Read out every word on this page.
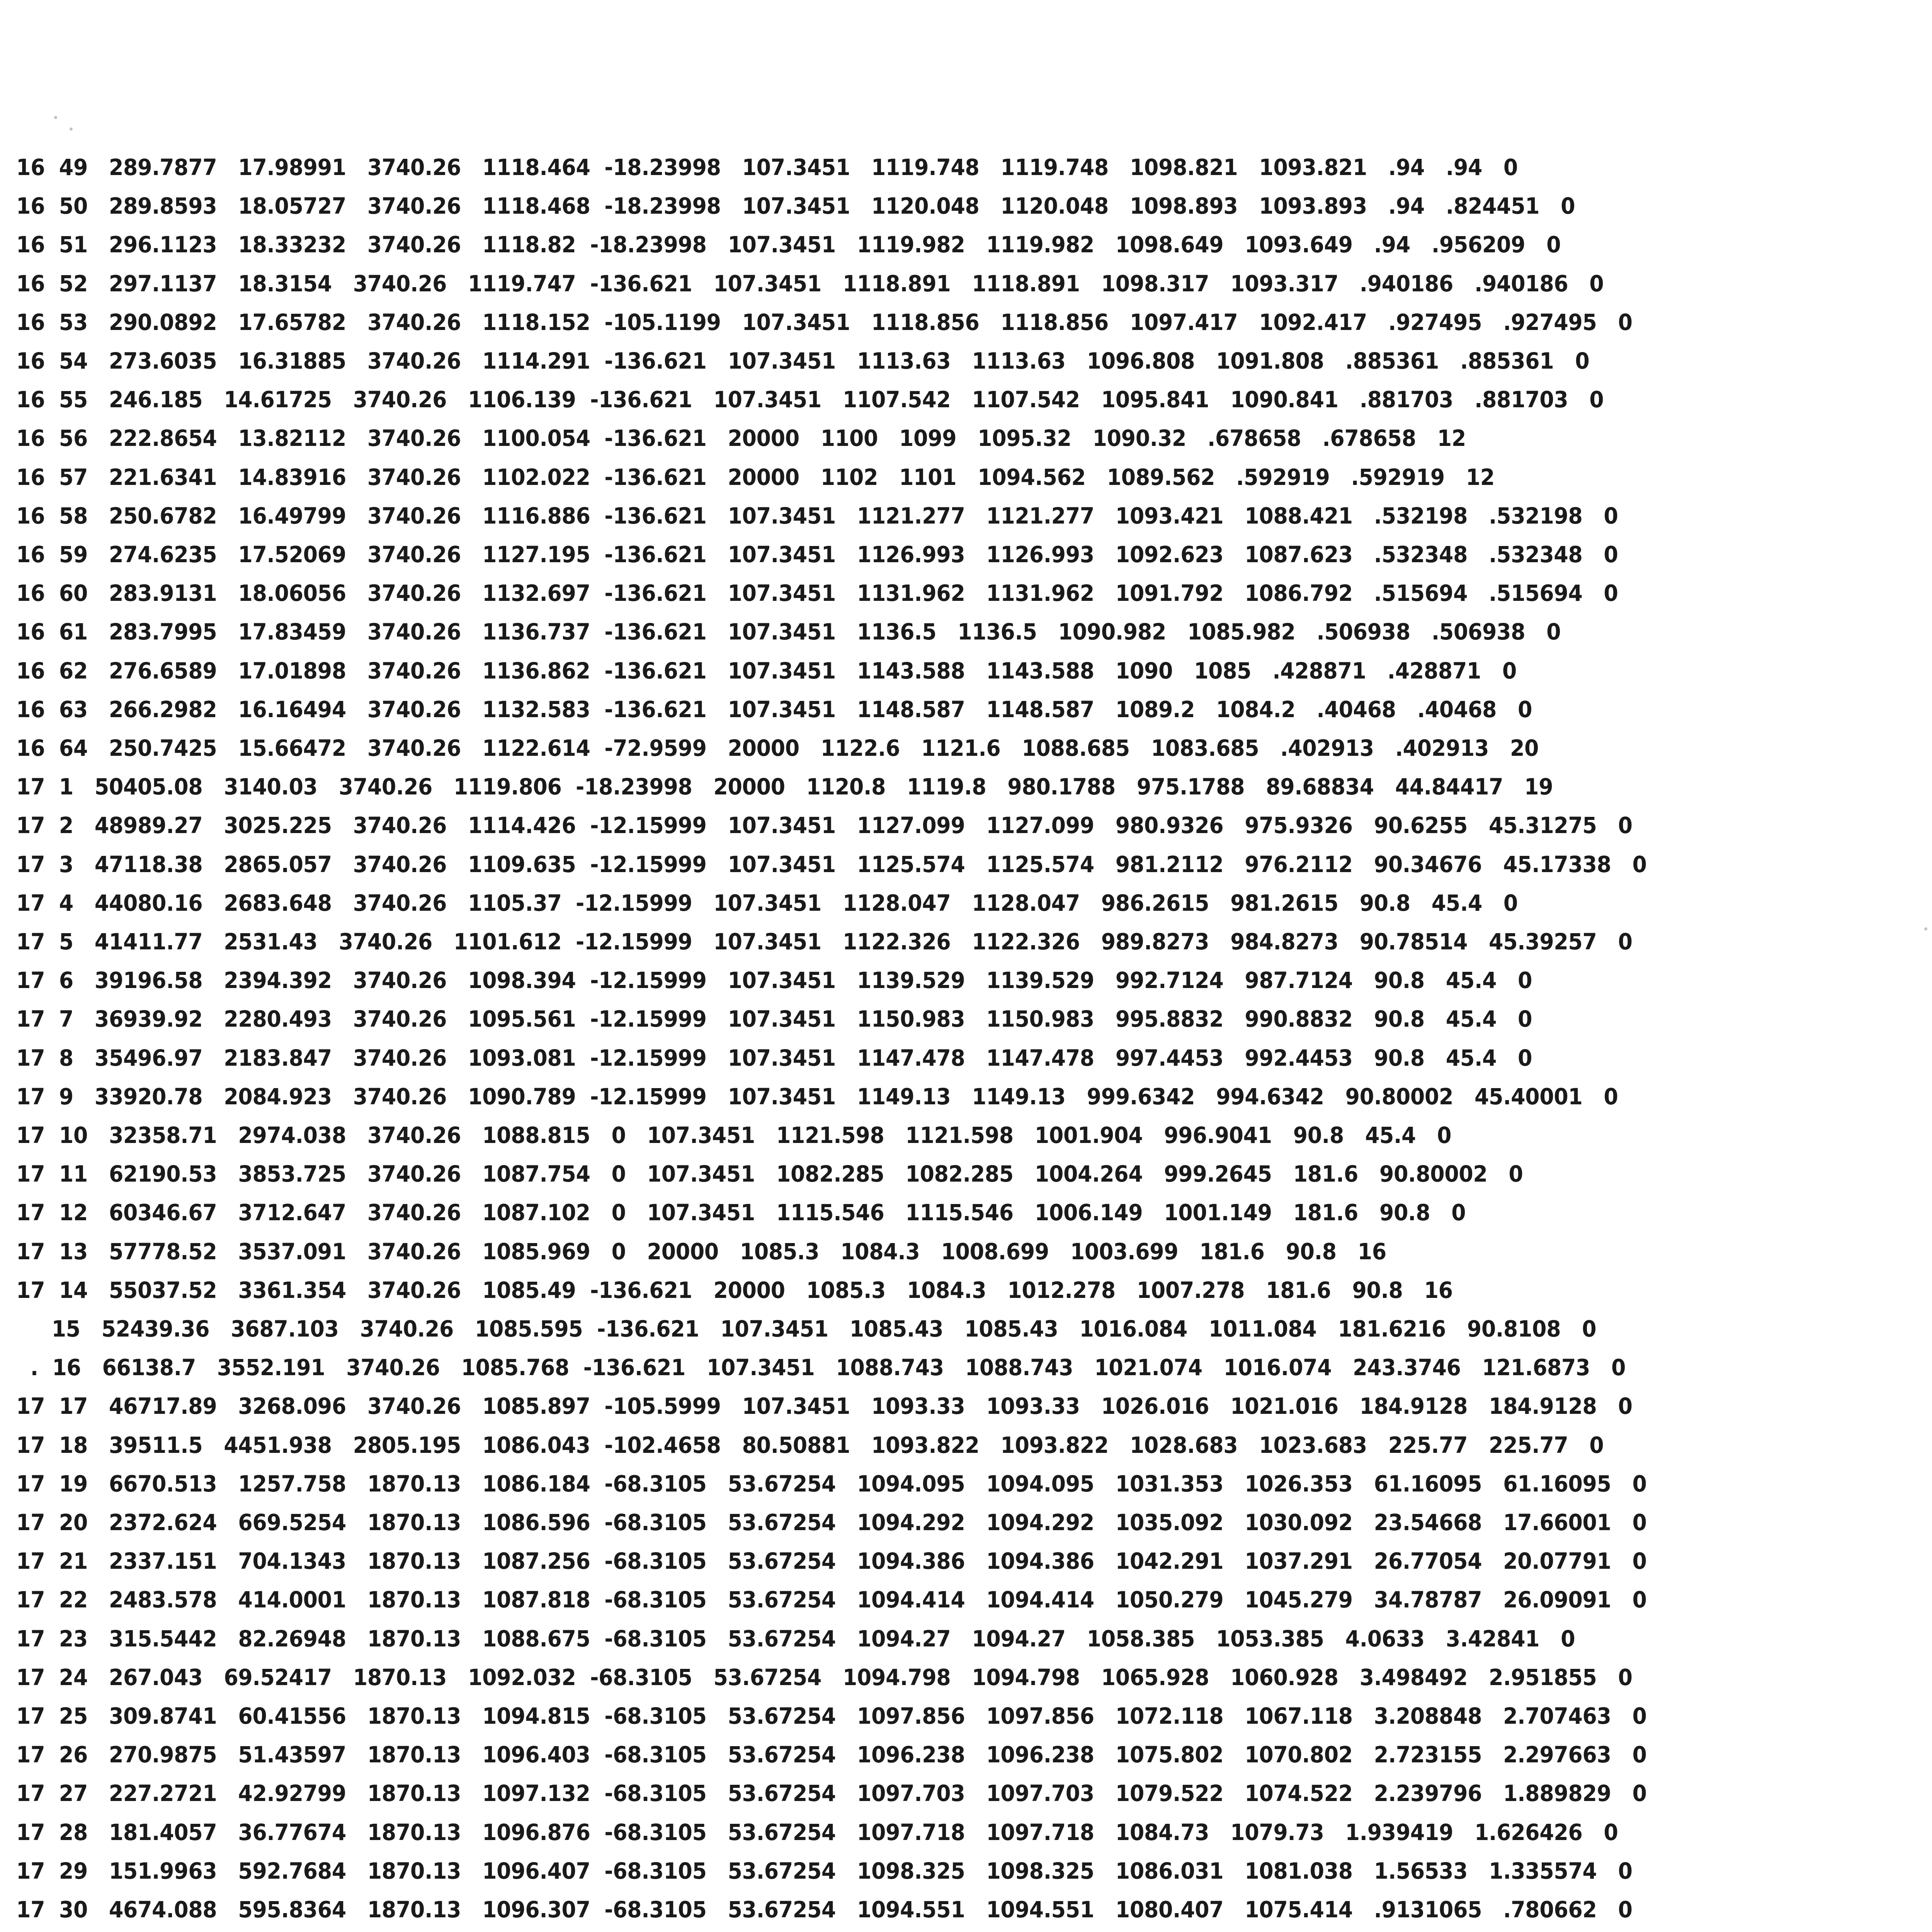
16  49   289.7877   17.98991   3740.26   1118.464  -18.23998   107.3451   1119.748   1119.748   1098.821   1093.821   .94   .94   0
16  50   289.8593   18.05727   3740.26   1118.468  -18.23998   107.3451   1120.048   1120.048   1098.893   1093.893   .94   .824451   0
16  51   296.1123   18.33232   3740.26   1118.82  -18.23998   107.3451   1119.982   1119.982   1098.649   1093.649   .94   .956209   0
16  52   297.1137   18.3154   3740.26   1119.747  -136.621   107.3451   1118.891   1118.891   1098.317   1093.317   .940186   .940186   0
16  53   290.0892   17.65782   3740.26   1118.152  -105.1199   107.3451   1118.856   1118.856   1097.417   1092.417   .927495   .927495   0
16  54   273.6035   16.31885   3740.26   1114.291  -136.621   107.3451   1113.63   1113.63   1096.808   1091.808   .885361   .885361   0
16  55   246.185   14.61725   3740.26   1106.139  -136.621   107.3451   1107.542   1107.542   1095.841   1090.841   .881703   .881703   0
16  56   222.8654   13.82112   3740.26   1100.054  -136.621   20000   1100   1099   1095.32   1090.32   .678658   .678658   12
16  57   221.6341   14.83916   3740.26   1102.022  -136.621   20000   1102   1101   1094.562   1089.562   .592919   .592919   12
16  58   250.6782   16.49799   3740.26   1116.886  -136.621   107.3451   1121.277   1121.277   1093.421   1088.421   .532198   .532198   0
16  59   274.6235   17.52069   3740.26   1127.195  -136.621   107.3451   1126.993   1126.993   1092.623   1087.623   .532348   .532348   0
16  60   283.9131   18.06056   3740.26   1132.697  -136.621   107.3451   1131.962   1131.962   1091.792   1086.792   .515694   .515694   0
16  61   283.7995   17.83459   3740.26   1136.737  -136.621   107.3451   1136.5   1136.5   1090.982   1085.982   .506938   .506938   0
16  62   276.6589   17.01898   3740.26   1136.862  -136.621   107.3451   1143.588   1143.588   1090   1085   .428871   .428871   0
16  63   266.2982   16.16494   3740.26   1132.583  -136.621   107.3451   1148.587   1148.587   1089.2   1084.2   .40468   .40468   0
16  64   250.7425   15.66472   3740.26   1122.614  -72.9599   20000   1122.6   1121.6   1088.685   1083.685   .402913   .402913   20
17  1   50405.08   3140.03   3740.26   1119.806  -18.23998   20000   1120.8   1119.8   980.1788   975.1788   89.68834   44.84417   19
17  2   48989.27   3025.225   3740.26   1114.426  -12.15999   107.3451   1127.099   1127.099   980.9326   975.9326   90.6255   45.31275   0
17  3   47118.38   2865.057   3740.26   1109.635  -12.15999   107.3451   1125.574   1125.574   981.2112   976.2112   90.34676   45.17338   0
17  4   44080.16   2683.648   3740.26   1105.37  -12.15999   107.3451   1128.047   1128.047   986.2615   981.2615   90.8   45.4   0
17  5   41411.77   2531.43   3740.26   1101.612  -12.15999   107.3451   1122.326   1122.326   989.8273   984.8273   90.78514   45.39257   0
17  6   39196.58   2394.392   3740.26   1098.394  -12.15999   107.3451   1139.529   1139.529   992.7124   987.7124   90.8   45.4   0
17  7   36939.92   2280.493   3740.26   1095.561  -12.15999   107.3451   1150.983   1150.983   995.8832   990.8832   90.8   45.4   0
17  8   35496.97   2183.847   3740.26   1093.081  -12.15999   107.3451   1147.478   1147.478   997.4453   992.4453   90.8   45.4   0
17  9   33920.78   2084.923   3740.26   1090.789  -12.15999   107.3451   1149.13   1149.13   999.6342   994.6342   90.80002   45.40001   0
17  10   32358.71   2974.038   3740.26   1088.815   0   107.3451   1121.598   1121.598   1001.904   996.9041   90.8   45.4   0
17  11   62190.53   3853.725   3740.26   1087.754   0   107.3451   1082.285   1082.285   1004.264   999.2645   181.6   90.80002   0
17  12   60346.67   3712.647   3740.26   1087.102   0   107.3451   1115.546   1115.546   1006.149   1001.149   181.6   90.8   0
17  13   57778.52   3537.091   3740.26   1085.969   0   20000   1085.3   1084.3   1008.699   1003.699   181.6   90.8   16
17  14   55037.52   3361.354   3740.26   1085.49  -136.621   20000   1085.3   1084.3   1012.278   1007.278   181.6   90.8   16
15   52439.36   3687.103   3740.26   1085.595  -136.621   107.3451   1085.43   1085.43   1016.084   1011.084   181.6216   90.8108   0
.  16   66138.7   3552.191   3740.26   1085.768  -136.621   107.3451   1088.743   1088.743   1021.074   1016.074   243.3746   121.6873   0
17  17   46717.89   3268.096   3740.26   1085.897  -105.5999   107.3451   1093.33   1093.33   1026.016   1021.016   184.9128   184.9128   0
17  18   39511.5   4451.938   2805.195   1086.043  -102.4658   80.50881   1093.822   1093.822   1028.683   1023.683   225.77   225.77   0
17  19   6670.513   1257.758   1870.13   1086.184  -68.3105   53.67254   1094.095   1094.095   1031.353   1026.353   61.16095   61.16095   0
17  20   2372.624   669.5254   1870.13   1086.596  -68.3105   53.67254   1094.292   1094.292   1035.092   1030.092   23.54668   17.66001   0
17  21   2337.151   704.1343   1870.13   1087.256  -68.3105   53.67254   1094.386   1094.386   1042.291   1037.291   26.77054   20.07791   0
17  22   2483.578   414.0001   1870.13   1087.818  -68.3105   53.67254   1094.414   1094.414   1050.279   1045.279   34.78787   26.09091   0
17  23   315.5442   82.26948   1870.13   1088.675  -68.3105   53.67254   1094.27   1094.27   1058.385   1053.385   4.0633   3.42841   0
17  24   267.043   69.52417   1870.13   1092.032  -68.3105   53.67254   1094.798   1094.798   1065.928   1060.928   3.498492   2.951855   0
17  25   309.8741   60.41556   1870.13   1094.815  -68.3105   53.67254   1097.856   1097.856   1072.118   1067.118   3.208848   2.707463   0
17  26   270.9875   51.43597   1870.13   1096.403  -68.3105   53.67254   1096.238   1096.238   1075.802   1070.802   2.723155   2.297663   0
17  27   227.2721   42.92799   1870.13   1097.132  -68.3105   53.67254   1097.703   1097.703   1079.522   1074.522   2.239796   1.889829   0
17  28   181.4057   36.77674   1870.13   1096.876  -68.3105   53.67254   1097.718   1097.718   1084.73   1079.73   1.939419   1.626426   0
17  29   151.9963   592.7684   1870.13   1096.407  -68.3105   53.67254   1098.325   1098.325   1086.031   1081.038   1.56533   1.335574   0
17  30   4674.088   595.8364   1870.13   1096.307  -68.3105   53.67254   1094.551   1094.551   1080.407   1075.414   .9131065   .780662   0
